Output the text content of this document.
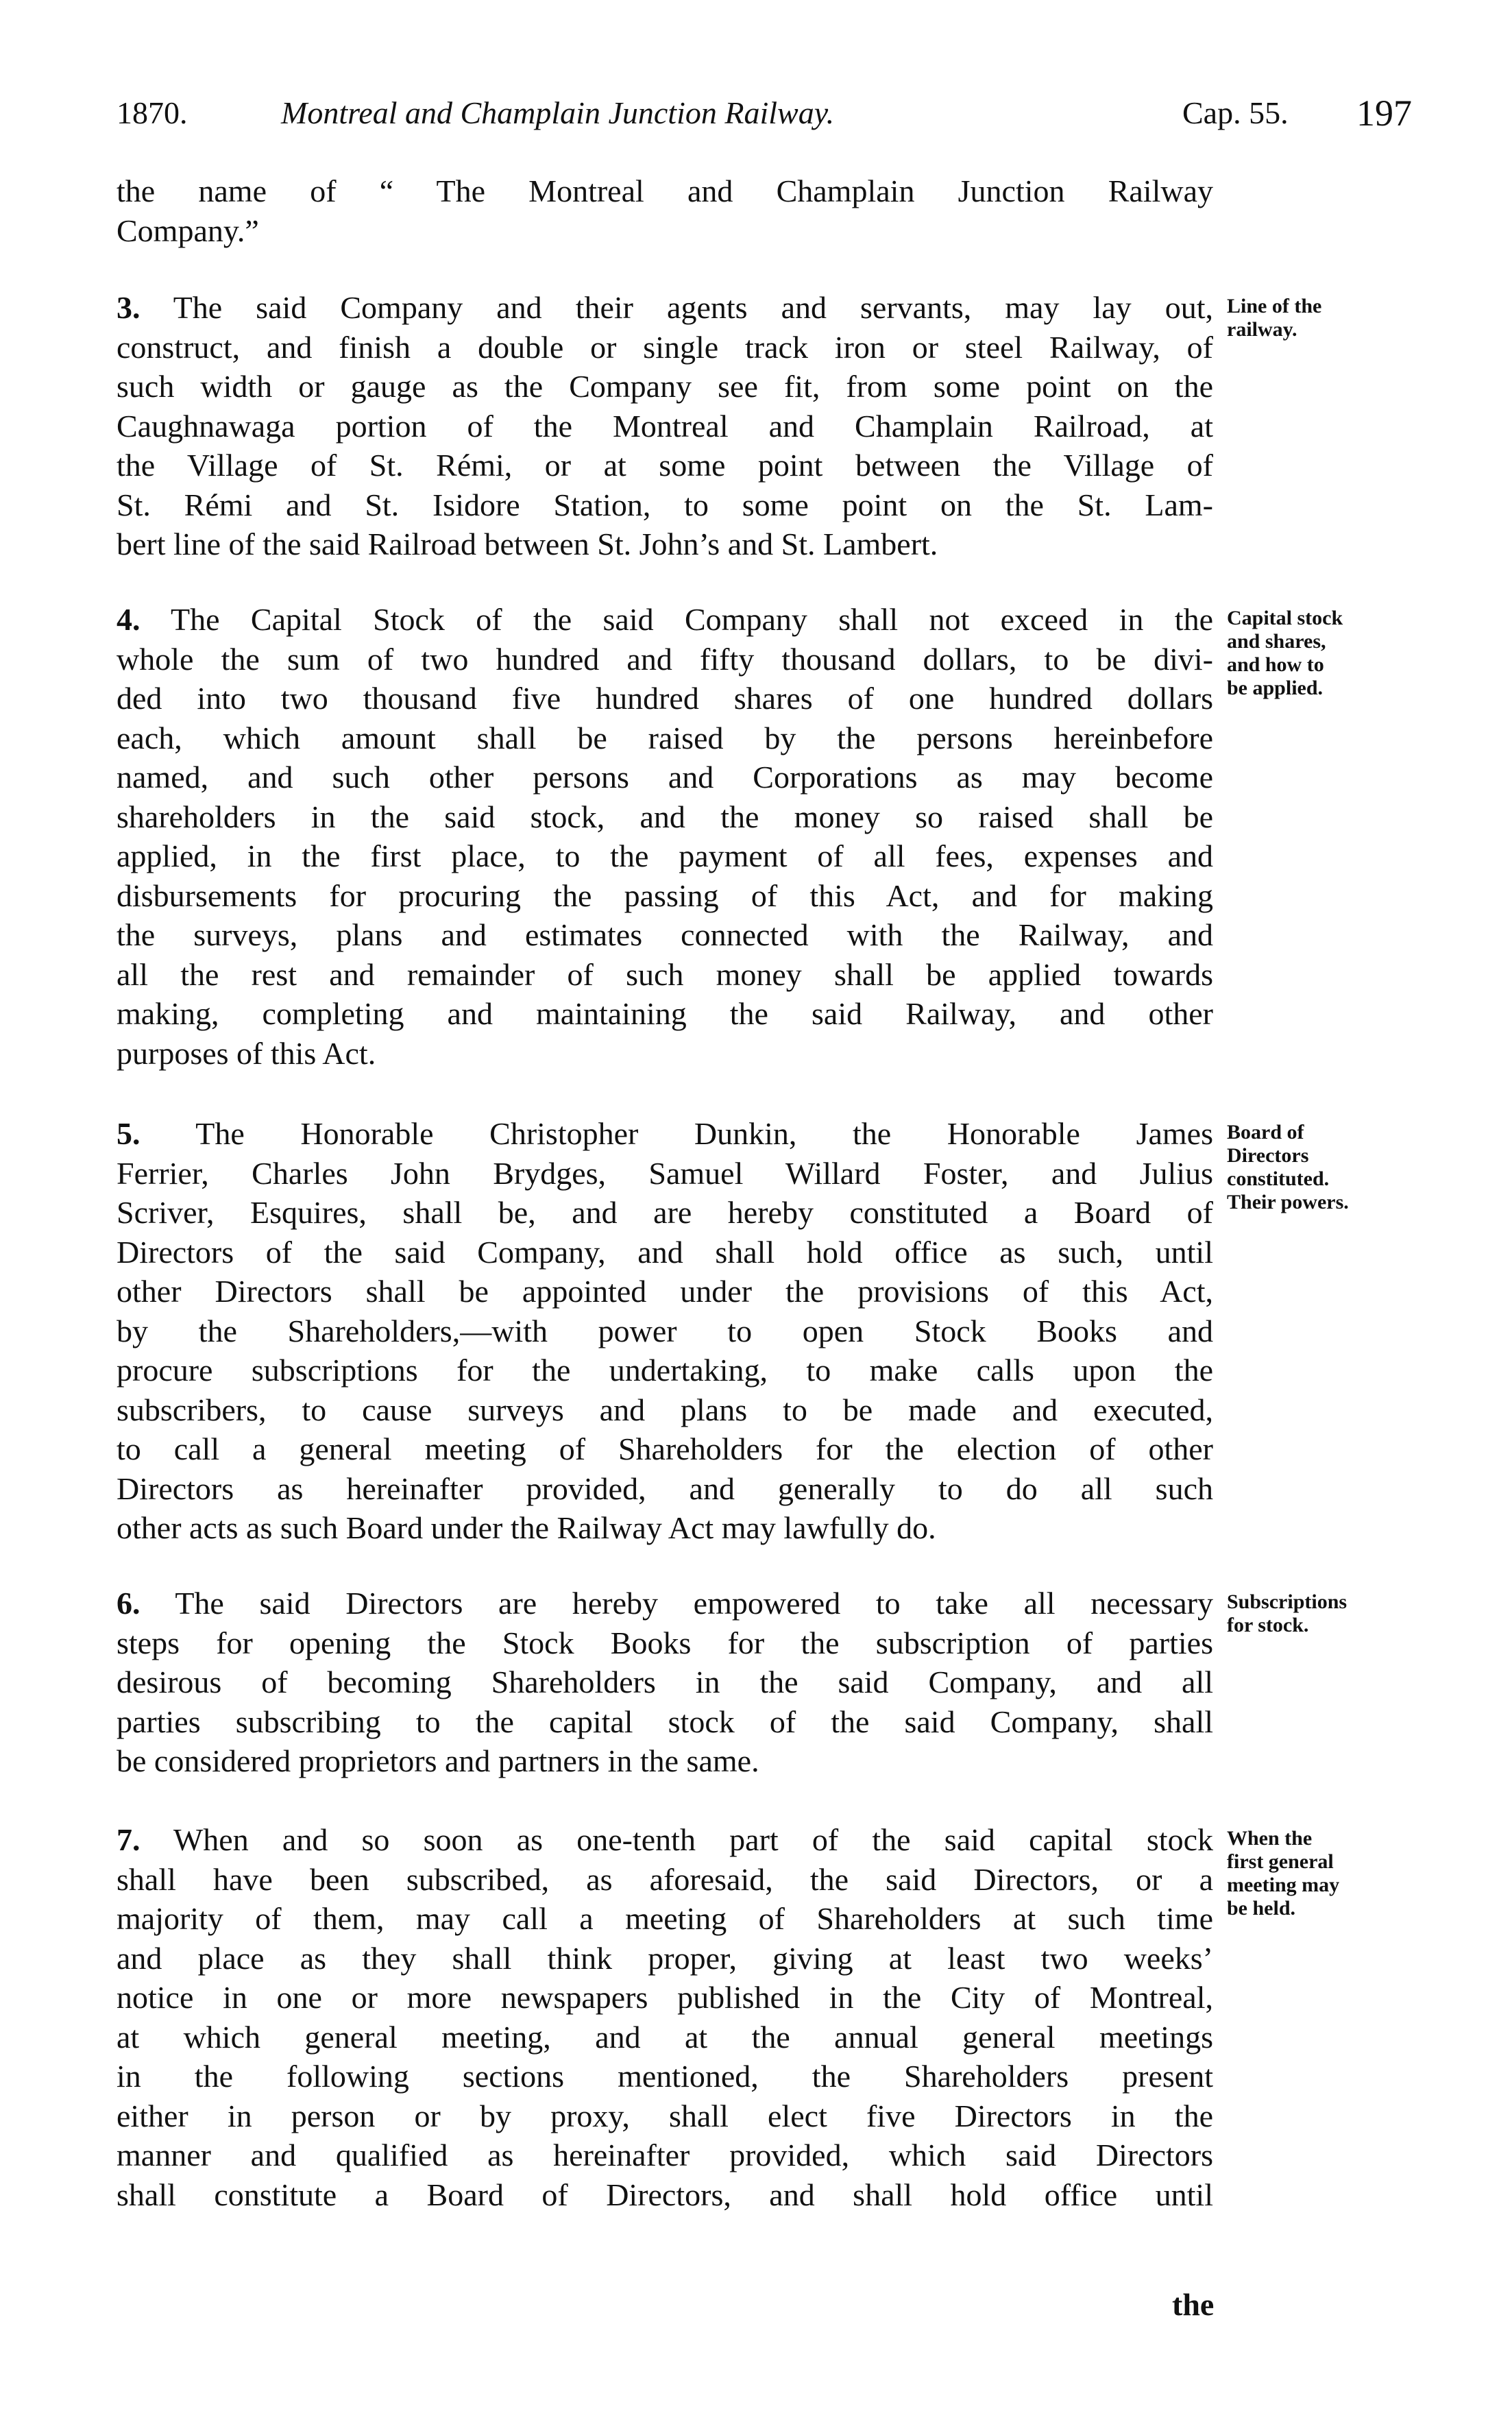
1870.	Montreal and Champlain Junction Railway.	Cap. 55. 197
the name of “ The Montreal and Champlain Junction Railway
Company.”
3. The said Company and their agents and servants, may lay out,
construct, and finish a double or single track iron or steel Railway, of
such width or gauge as the Company see fit, from some point on the
Caughnawaga portion of the Montreal and Champlain Railroad, at
the Village of St. Rémi, or at some point between the Village of
St. Rémi and St. Isidore Station, to some point on the St. Lam-
bert line of the said Railroad between St. John’s and St. Lambert.
Line of the
railway.
4. The Capital Stock of the said Company shall not exceed in the
whole the sum of two hundred and fifty thousand dollars, to be divi-
ded into two thousand five hundred shares of one hundred dollars
each, which amount shall be raised by the persons hereinbefore
named, and such other persons and Corporations as may become
shareholders in the said stock, and the money so raised shall be
applied, in the first place, to the payment of all fees, expenses and
disbursements for procuring the passing of this Act, and for making
the surveys, plans and estimates connected with the Railway, and
all the rest and remainder of such money shall be applied towards
making, completing and maintaining the said Railway, and other
purposes of this Act.
Capital stock
and shares,
and how to
be applied.
5. The Honorable Christopher Dunkin, the Honorable James
Ferrier, Charles John Brydges, Samuel Willard Foster, and Julius
Scriver, Esquires, shall be, and are hereby constituted a Board of
Directors of the said Company, and shall hold office as such, until
other Directors shall be appointed under the provisions of this Act,
by the Shareholders,—with power to open Stock Books and
procure subscriptions for the undertaking, to make calls upon the
subscribers, to cause surveys and plans to be made and executed,
to call a general meeting of Shareholders for the election of other
Directors as hereinafter provided, and generally to do all such
other acts as such Board under the Railway Act may lawfully do.
Board of
Directors
constituted.
Their powers.
6. The said Directors are hereby empowered to take all necessary
steps for opening the Stock Books for the subscription of parties
desirous of becoming Shareholders in the said Company, and all
parties subscribing to the capital stock of the said Company, shall
be considered proprietors and partners in the same.
Subscriptions
for stock.
7. When and so soon as one-tenth part of the said capital stock
shall have been subscribed, as aforesaid, the said Directors, or a
majority of them, may call a meeting of Shareholders at such time
and place as they shall think proper, giving at least two weeks’
notice in one or more newspapers published in the City of Montreal,
at which general meeting, and at the annual general meetings
in the following sections mentioned, the Shareholders present
either in person or by proxy, shall elect five Directors in the
manner and qualified as hereinafter provided, which said Directors
shall constitute a Board of Directors, and shall hold office until
When the
first general
meeting may
be held.
the
